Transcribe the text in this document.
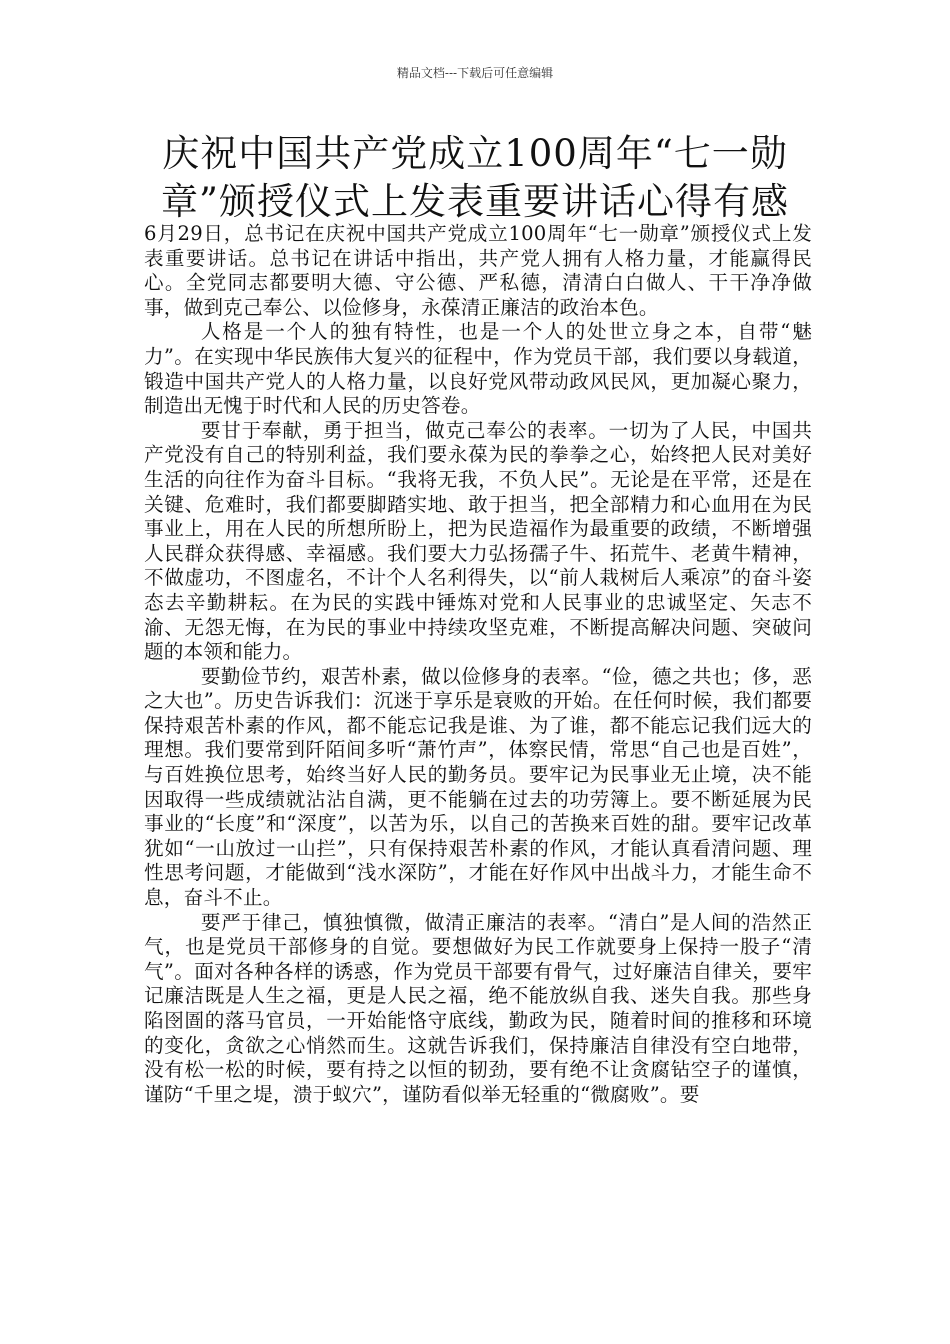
精品文档---下载后可任意编辑
庆祝中国共产党成立100周年“七一勋
章”颁授仪式上发表重要讲话心得有感

6月29日，总书记在庆祝中国共产党成立100周年“七一勋章”颁授仪式上发表重要讲话。总书记在讲话中指出，共产党人拥有人格力量，才能赢得民心。全党同志都要明大德、守公德、严私德，清清白白做人、干干净净做事，做到克己奉公、以俭修身，永葆清正廉洁的政治本色。

人格是一个人的独有特性，也是一个人的处世立身之本，自带“魅力”。在实现中华民族伟大复兴的征程中，作为党员干部，我们要以身载道，锻造中国共产党人的人格力量，以良好党风带动政风民风，更加凝心聚力，制造出无愧于时代和人民的历史答卷。

要甘于奉献，勇于担当，做克己奉公的表率。一切为了人民，中国共产党没有自己的特别利益，我们要永葆为民的拳拳之心，始终把人民对美好生活的向往作为奋斗目标。“我将无我，不负人民”。无论是在平常，还是在关键、危难时，我们都要脚踏实地、敢于担当，把全部精力和心血用在为民事业上，用在人民的所想所盼上，把为民造福作为最重要的政绩，不断增强人民群众获得感、幸福感。我们要大力弘扬孺子牛、拓荒牛、老黄牛精神，不做虚功，不图虚名，不计个人名利得失，以“前人栽树后人乘凉”的奋斗姿态去辛勤耕耘。在为民的实践中锤炼对党和人民事业的忠诚坚定、矢志不渝、无怨无悔，在为民的事业中持续攻坚克难，不断提高解决问题、突破问题的本领和能力。

要勤俭节约，艰苦朴素，做以俭修身的表率。“俭，德之共也；侈，恶之大也”。历史告诉我们：沉迷于享乐是衰败的开始。在任何时候，我们都要保持艰苦朴素的作风，都不能忘记我是谁、为了谁，都不能忘记我们远大的理想。我们要常到阡陌间多听“萧竹声”，体察民情，常思“自己也是百姓”，与百姓换位思考，始终当好人民的勤务员。要牢记为民事业无止境，决不能因取得一些成绩就沾沾自满，更不能躺在过去的功劳簿上。要不断延展为民事业的“长度”和“深度”，以苦为乐，以自己的苦换来百姓的甜。要牢记改革犹如“一山放过一山拦”，只有保持艰苦朴素的作风，才能认真看清问题、理性思考问题，才能做到“浅水深防”，才能在好作风中出战斗力，才能生命不息，奋斗不止。

要严于律己，慎独慎微，做清正廉洁的表率。“清白”是人间的浩然正气，也是党员干部修身的自觉。要想做好为民工作就要身上保持一股子“清气”。面对各种各样的诱惑，作为党员干部要有骨气，过好廉洁自律关，要牢记廉洁既是人生之福，更是人民之福，绝不能放纵自我、迷失自我。那些身陷囹圄的落马官员，一开始能恪守底线，勤政为民，随着时间的推移和环境的变化，贪欲之心悄然而生。这就告诉我们，保持廉洁自律没有空白地带，没有松一松的时候，要有持之以恒的韧劲，要有绝不让贪腐钻空子的谨慎，谨防“千里之堤，溃于蚁穴”，谨防看似举无轻重的“微腐败”。要
